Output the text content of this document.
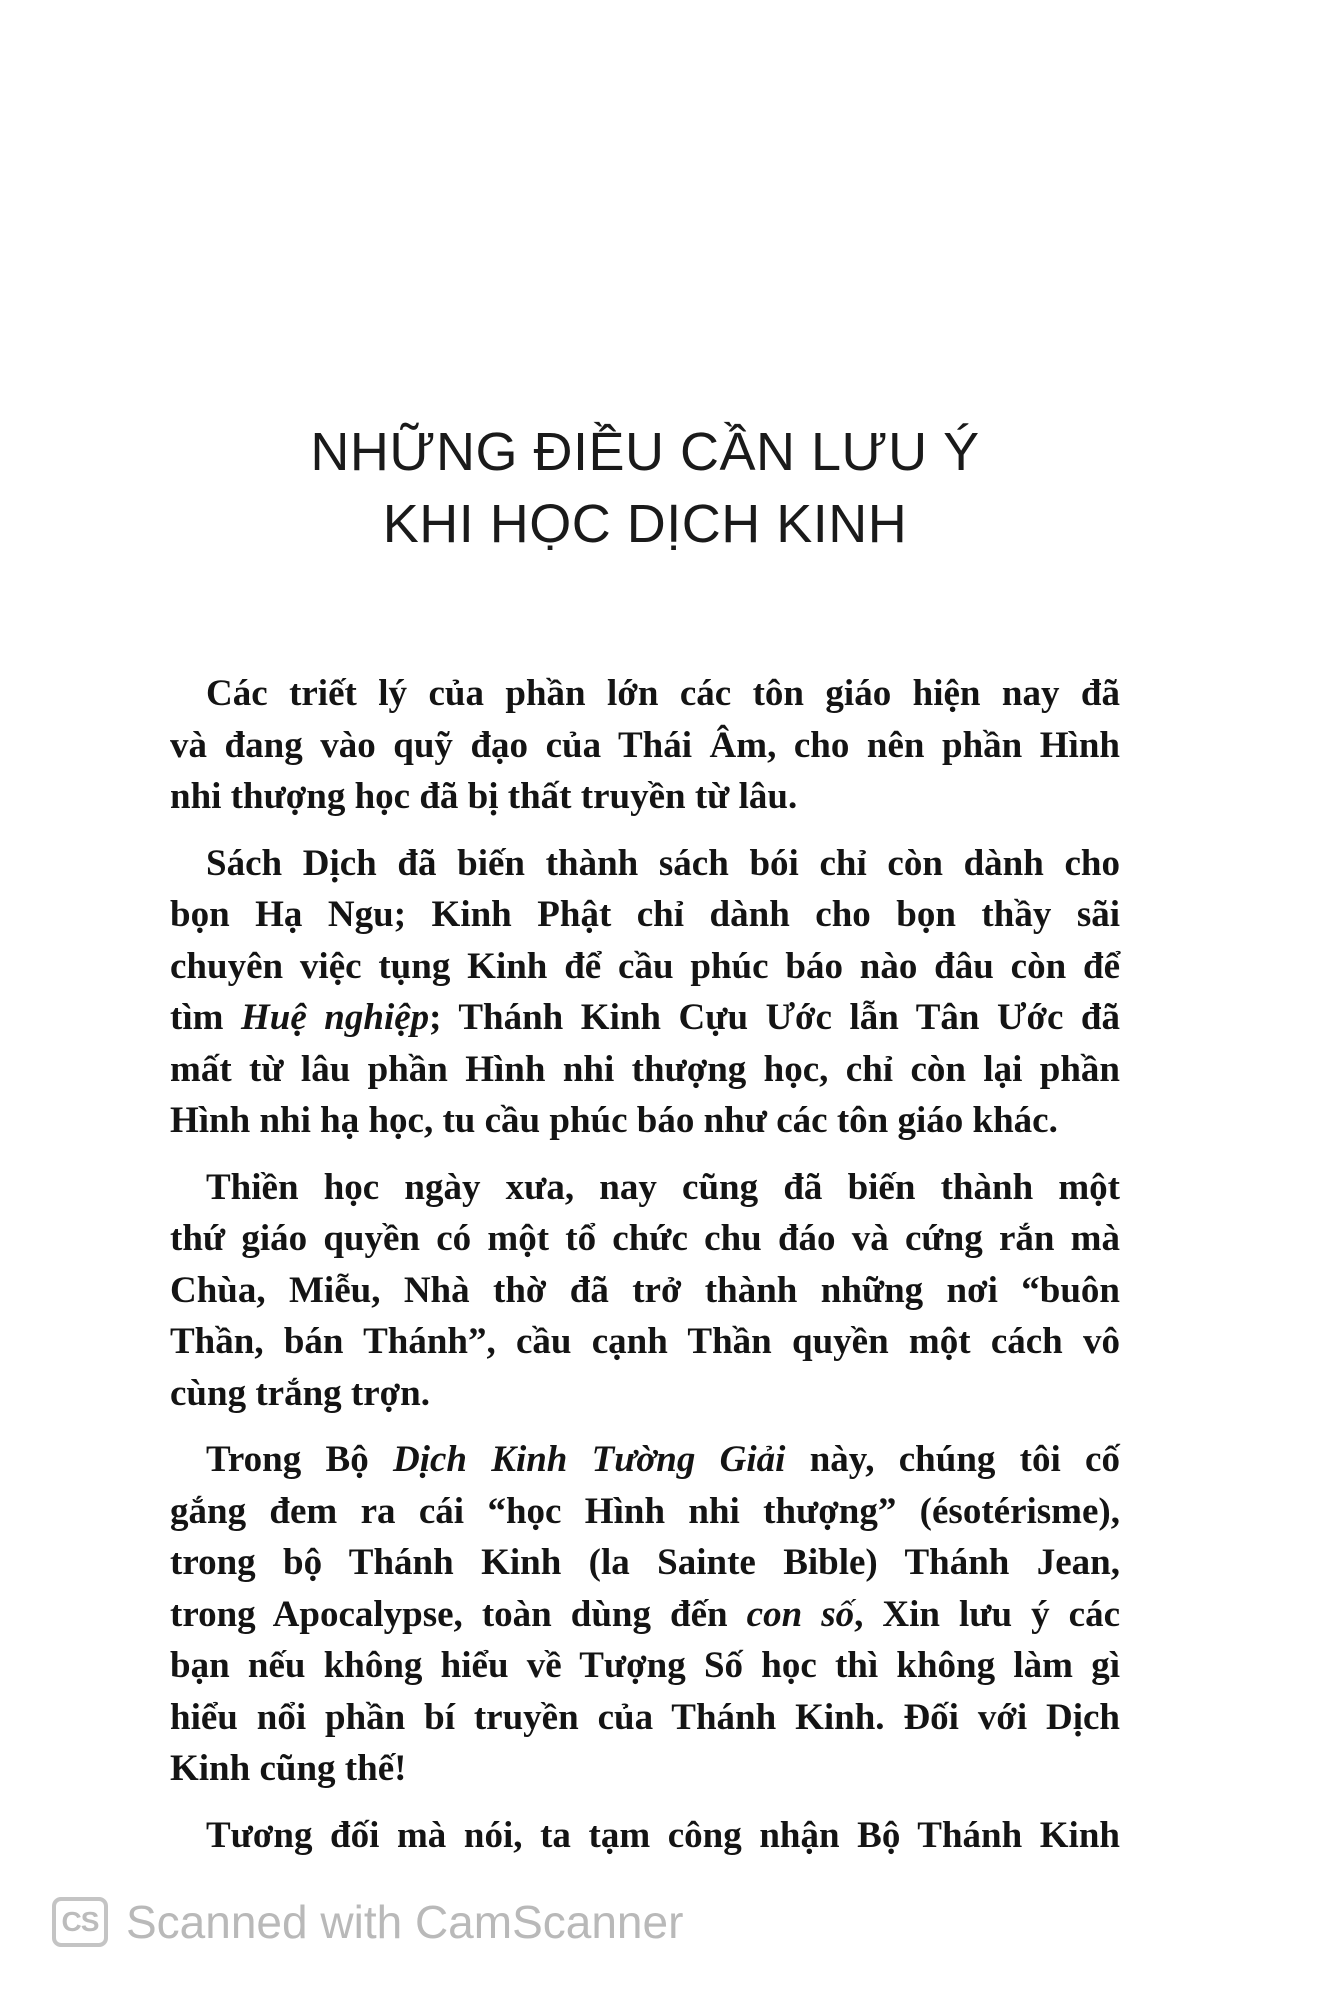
NHỮNG ĐIỀU CẦN LƯU Ý
KHI HỌC DỊCH KINH
Các triết lý của phần lớn các tôn giáo hiện nay đã
và đang vào quỹ đạo của Thái Âm, cho nên phần Hình
nhi thượng học đã bị thất truyền từ lâu.
Sách Dịch đã biến thành sách bói chỉ còn dành cho
bọn Hạ Ngu; Kinh Phật chỉ dành cho bọn thầy sãi
chuyên việc tụng Kinh để cầu phúc báo nào đâu còn để
tìm Huệ nghiệp; Thánh Kinh Cựu Ước lẫn Tân Ước đã
mất từ lâu phần Hình nhi thượng học, chỉ còn lại phần
Hình nhi hạ học, tu cầu phúc báo như các tôn giáo khác.
Thiền học ngày xưa, nay cũng đã biến thành một
thứ giáo quyền có một tổ chức chu đáo và cứng rắn mà
Chùa, Miễu, Nhà thờ đã trở thành những nơi “buôn
Thần, bán Thánh”, cầu cạnh Thần quyền một cách vô
cùng trắng trợn.
Trong Bộ Dịch Kinh Tường Giải này, chúng tôi cố
gắng đem ra cái “học Hình nhi thượng” (ésotérisme),
trong bộ Thánh Kinh (la Sainte Bible) Thánh Jean,
trong Apocalypse, toàn dùng đến con số, Xin lưu ý các
bạn nếu không hiểu về Tượng Số học thì không làm gì
hiểu nổi phần bí truyền của Thánh Kinh. Đối với Dịch
Kinh cũng thế!
Tương đối mà nói, ta tạm công nhận Bộ Thánh Kinh
CS Scanned with CamScanner
